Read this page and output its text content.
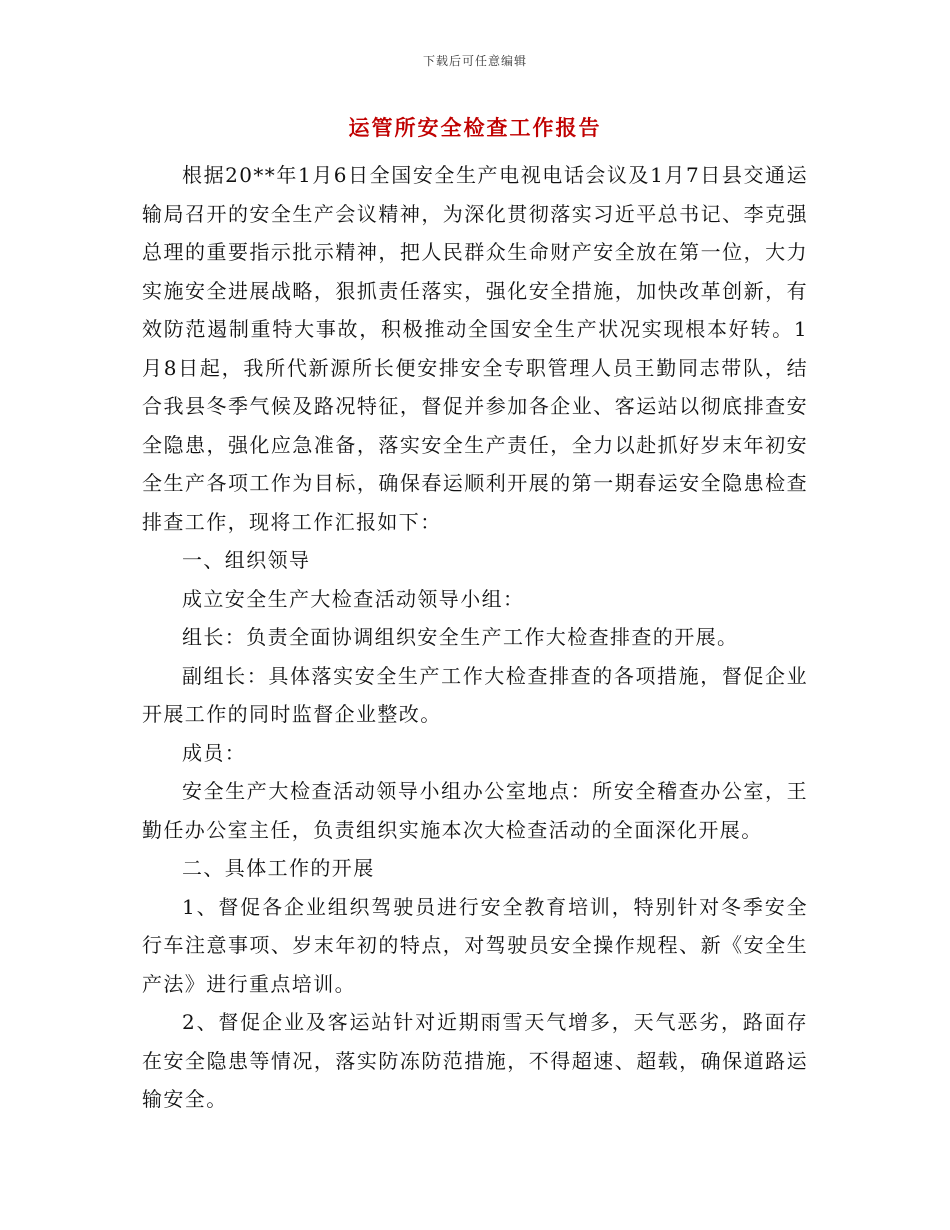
下载后可任意编辑
运管所安全检查工作报告

根据20**年1月6日全国安全生产电视电话会议及1月7日县交通运输局召开的安全生产会议精神，为深化贯彻落实习近平总书记、李克强总理的重要指示批示精神，把人民群众生命财产安全放在第一位，大力实施安全进展战略，狠抓责任落实，强化安全措施，加快改革创新，有效防范遏制重特大事故，积极推动全国安全生产状况实现根本好转。1月8日起，我所代新源所长便安排安全专职管理人员王勤同志带队，结合我县冬季气候及路况特征，督促并参加各企业、客运站以彻底排查安全隐患，强化应急准备，落实安全生产责任，全力以赴抓好岁末年初安全生产各项工作为目标，确保春运顺利开展的第一期春运安全隐患检查排查工作，现将工作汇报如下：

一、组织领导

成立安全生产大检查活动领导小组：

组长：负责全面协调组织安全生产工作大检查排查的开展。

副组长：具体落实安全生产工作大检查排查的各项措施，督促企业开展工作的同时监督企业整改。

成员：

安全生产大检查活动领导小组办公室地点：所安全稽查办公室，王勤任办公室主任，负责组织实施本次大检查活动的全面深化开展。

二、具体工作的开展

1、督促各企业组织驾驶员进行安全教育培训，特别针对冬季安全行车注意事项、岁末年初的特点，对驾驶员安全操作规程、新《安全生产法》进行重点培训。

2、督促企业及客运站针对近期雨雪天气增多，天气恶劣，路面存在安全隐患等情况，落实防冻防范措施，不得超速、超载，确保道路运输安全。
